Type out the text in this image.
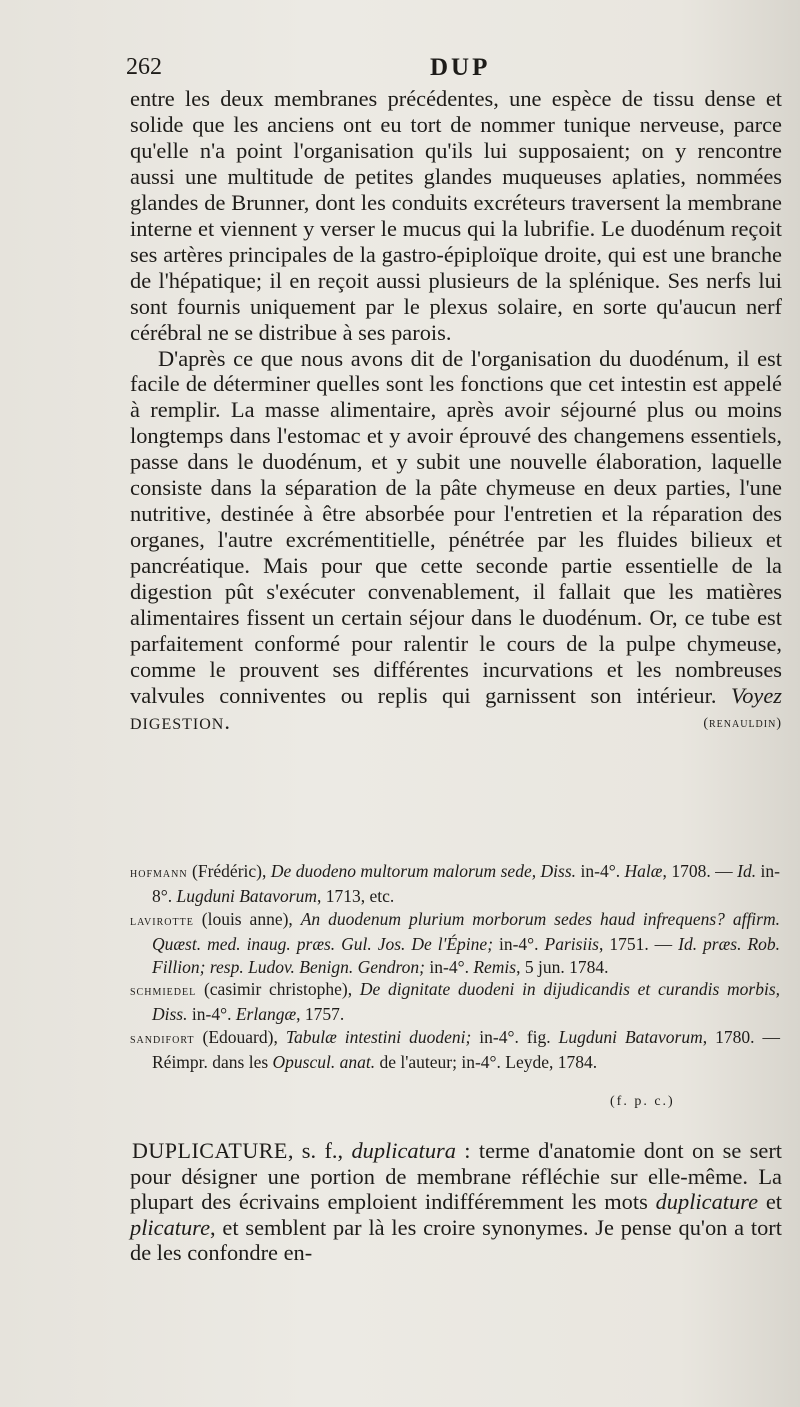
262	DUP

entre les deux membranes précédentes, une espèce de tissu dense et solide que les anciens ont eu tort de nommer tunique nerveuse, parce qu'elle n'a point l'organisation qu'ils lui supposaient; on y rencontre aussi une multitude de petites glandes muqueuses aplaties, nommées glandes de Brunner, dont les conduits excréteurs traversent la membrane interne et viennent y verser le mucus qui la lubrifie. Le duodénum reçoit ses artères principales de la gastro-épiploïque droite, qui est une branche de l'hépatique; il en reçoit aussi plusieurs de la splénique. Ses nerfs lui sont fournis uniquement par le plexus solaire, en sorte qu'aucun nerf cérébral ne se distribue à ses parois.

D'après ce que nous avons dit de l'organisation du duodénum, il est facile de déterminer quelles sont les fonctions que cet intestin est appelé à remplir. La masse alimentaire, après avoir séjourné plus ou moins longtemps dans l'estomac et y avoir éprouvé des changemens essentiels, passe dans le duodénum, et y subit une nouvelle élaboration, laquelle consiste dans la séparation de la pâte chymeuse en deux parties, l'une nutritive, destinée à être absorbée pour l'entretien et la réparation des organes, l'autre excrémentitielle, pénétrée par les fluides bilieux et pancréatique. Mais pour que cette seconde partie essentielle de la digestion pût s'exécuter convenablement, il fallait que les matières alimentaires fissent un certain séjour dans le duodénum. Or, ce tube est parfaitement conformé pour ralentir le cours de la pulpe chymeuse, comme le prouvent ses différentes incurvations et les nombreuses valvules conniventes ou replis qui garnissent son intérieur. Voyez digestion.	(renauldin)

hofmann (Frédéric), De duodeno multorum malorum sede, Diss. in-4°. Halæ, 1708. — Id. in-8°. Lugduni Batavorum, 1713, etc.

lavirotte (louis anne), An duodenum plurium morborum sedes haud infrequens? affirm. Quæst. med. inaug. præs. Gul. Jos. De l'Épine; in-4°. Parisiis, 1751. — Id. præs. Rob. Fillion; resp. Ludov. Benign. Gendron; in-4°. Remis, 5 jun. 1784.

schmiedel (casimir christophe), De dignitate duodeni in dijudicandis et curandis morbis, Diss. in-4°. Erlangæ, 1757.

sandifort (Edouard), Tabulæ intestini duodeni; in-4°. fig. Lugduni Batavorum, 1780. — Réimpr. dans les Opuscul. anat. de l'auteur; in-4°. Leyde, 1784.

(f. p. c.)

DUPLICATURE, s. f., duplicatura : terme d'anatomie dont on se sert pour désigner une portion de membrane réfléchie sur elle-même. La plupart des écrivains emploient indifféremment les mots duplicature et plicature, et semblent par là les croire synonymes. Je pense qu'on a tort de les confondre en-
